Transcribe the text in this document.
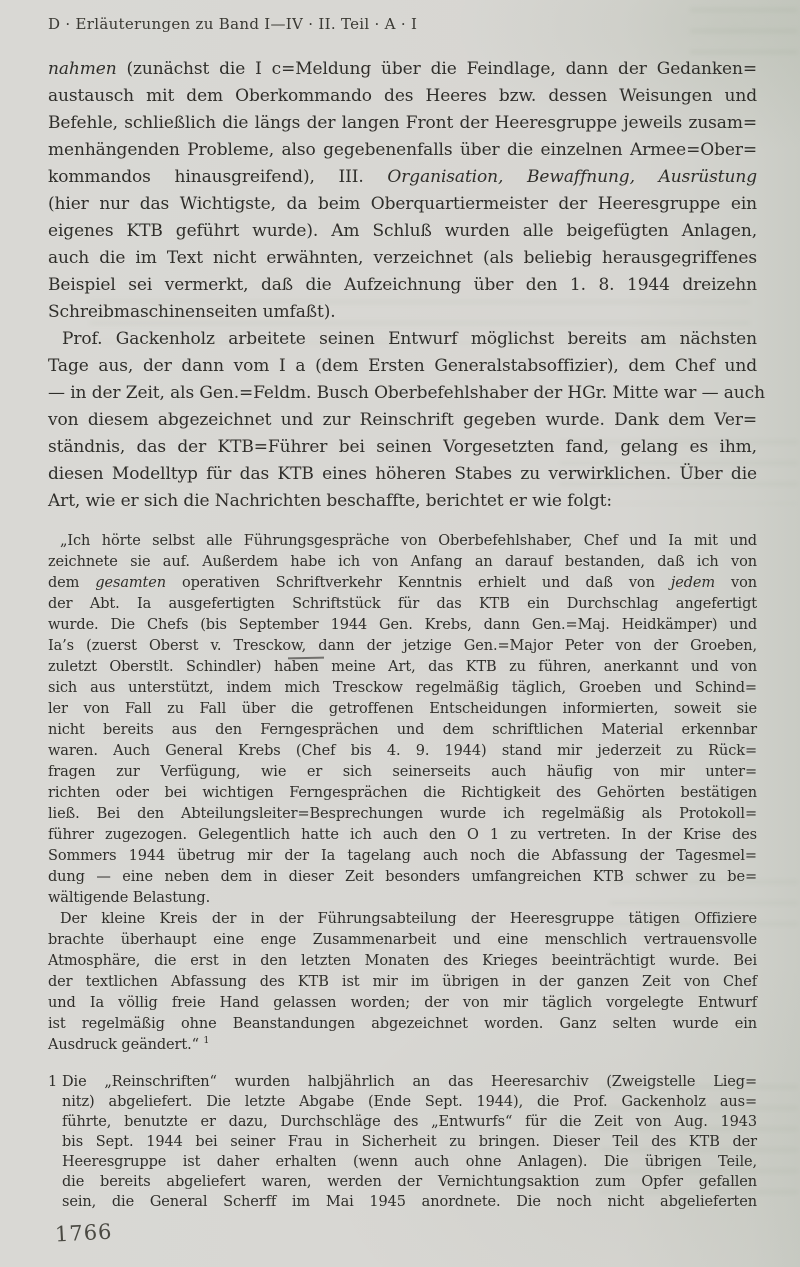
D · Erläuterungen zu Band I—IV · II. Teil · A · I
nahmen (zunächst die I c=Meldung über die Feindlage, dann der Gedanken=
austausch mit dem Oberkommando des Heeres bzw. dessen Weisungen und
Befehle, schließlich die längs der langen Front der Heeresgruppe jeweils zusam=
menhängenden Probleme, also gegebenenfalls über die einzelnen Armee=Ober=
kommandos hinausgreifend), III. Organisation, Bewaffnung, Ausrüstung
(hier nur das Wichtigste, da beim Oberquartiermeister der Heeresgruppe ein
eigenes KTB geführt wurde). Am Schluß wurden alle beigefügten Anlagen,
auch die im Text nicht erwähnten, verzeichnet (als beliebig herausgegriffenes
Beispiel sei vermerkt, daß die Aufzeichnung über den 1. 8. 1944 dreizehn
Schreibmaschinenseiten umfaßt).
Prof. Gackenholz arbeitete seinen Entwurf möglichst bereits am nächsten
Tage aus, der dann vom I a (dem Ersten Generalstabsoffizier), dem Chef und
— in der Zeit, als Gen.=Feldm. Busch Oberbefehlshaber der HGr. Mitte war — auch
von diesem abgezeichnet und zur Reinschrift gegeben wurde. Dank dem Ver=
ständnis, das der KTB=Führer bei seinen Vorgesetzten fand, gelang es ihm,
diesen Modelltyp für das KTB eines höheren Stabes zu verwirklichen. Über die
Art, wie er sich die Nachrichten beschaffte, berichtet er wie folgt:
„Ich hörte selbst alle Führungsgespräche von Oberbefehlshaber, Chef und Ia mit und
zeichnete sie auf. Außerdem habe ich von Anfang an darauf bestanden, daß ich von
dem gesamten operativen Schriftverkehr Kenntnis erhielt und daß von jedem von
der Abt. Ia ausgefertigten Schriftstück für das KTB ein Durchschlag angefertigt
wurde. Die Chefs (bis September 1944 Gen. Krebs, dann Gen.=Maj. Heidkämper) und
Ia’s (zuerst Oberst v. Tresckow, dann der jetzige Gen.=Major Peter von der Groeben,
zuletzt Oberstlt. Schindler) haben meine Art, das KTB zu führen, anerkannt und von
sich aus unterstützt, indem mich Tresckow regelmäßig täglich, Groeben und Schind=
ler von Fall zu Fall über die getroffenen Entscheidungen informierten, soweit sie
nicht bereits aus den Ferngesprächen und dem schriftlichen Material erkennbar
waren. Auch General Krebs (Chef bis 4. 9. 1944) stand mir jederzeit zu Rück=
fragen zur Verfügung, wie er sich seinerseits auch häufig von mir unter=
richten oder bei wichtigen Ferngesprächen die Richtigkeit des Gehörten bestätigen
ließ. Bei den Abteilungsleiter=Besprechungen wurde ich regelmäßig als Protokoll=
führer zugezogen. Gelegentlich hatte ich auch den O 1 zu vertreten. In der Krise des
Sommers 1944 übetrug mir der Ia tagelang auch noch die Abfassung der Tagesmel=
dung — eine neben dem in dieser Zeit besonders umfangreichen KTB schwer zu be=
wältigende Belastung.
Der kleine Kreis der in der Führungsabteilung der Heeresgruppe tätigen Offiziere
brachte überhaupt eine enge Zusammenarbeit und eine menschlich vertrauensvolle
Atmosphäre, die erst in den letzten Monaten des Krieges beeinträchtigt wurde. Bei
der textlichen Abfassung des KTB ist mir im übrigen in der ganzen Zeit von Chef
und Ia völlig freie Hand gelassen worden; der von mir täglich vorgelegte Entwurf
ist regelmäßig ohne Beanstandungen abgezeichnet worden. Ganz selten wurde ein
Ausdruck geändert.“ $^1$
1 Die „Reinschriften“ wurden halbjährlich an das Heeresarchiv (Zweigstelle Lieg=
nitz) abgeliefert. Die letzte Abgabe (Ende Sept. 1944), die Prof. Gackenholz aus=
führte, benutzte er dazu, Durchschläge des „Entwurfs“ für die Zeit von Aug. 1943
bis Sept. 1944 bei seiner Frau in Sicherheit zu bringen. Dieser Teil des KTB der
Heeresgruppe ist daher erhalten (wenn auch ohne Anlagen). Die übrigen Teile,
die bereits abgeliefert waren, werden der Vernichtungsaktion zum Opfer gefallen
sein, die General Scherff im Mai 1945 anordnete. Die noch nicht abgelieferten
1766
